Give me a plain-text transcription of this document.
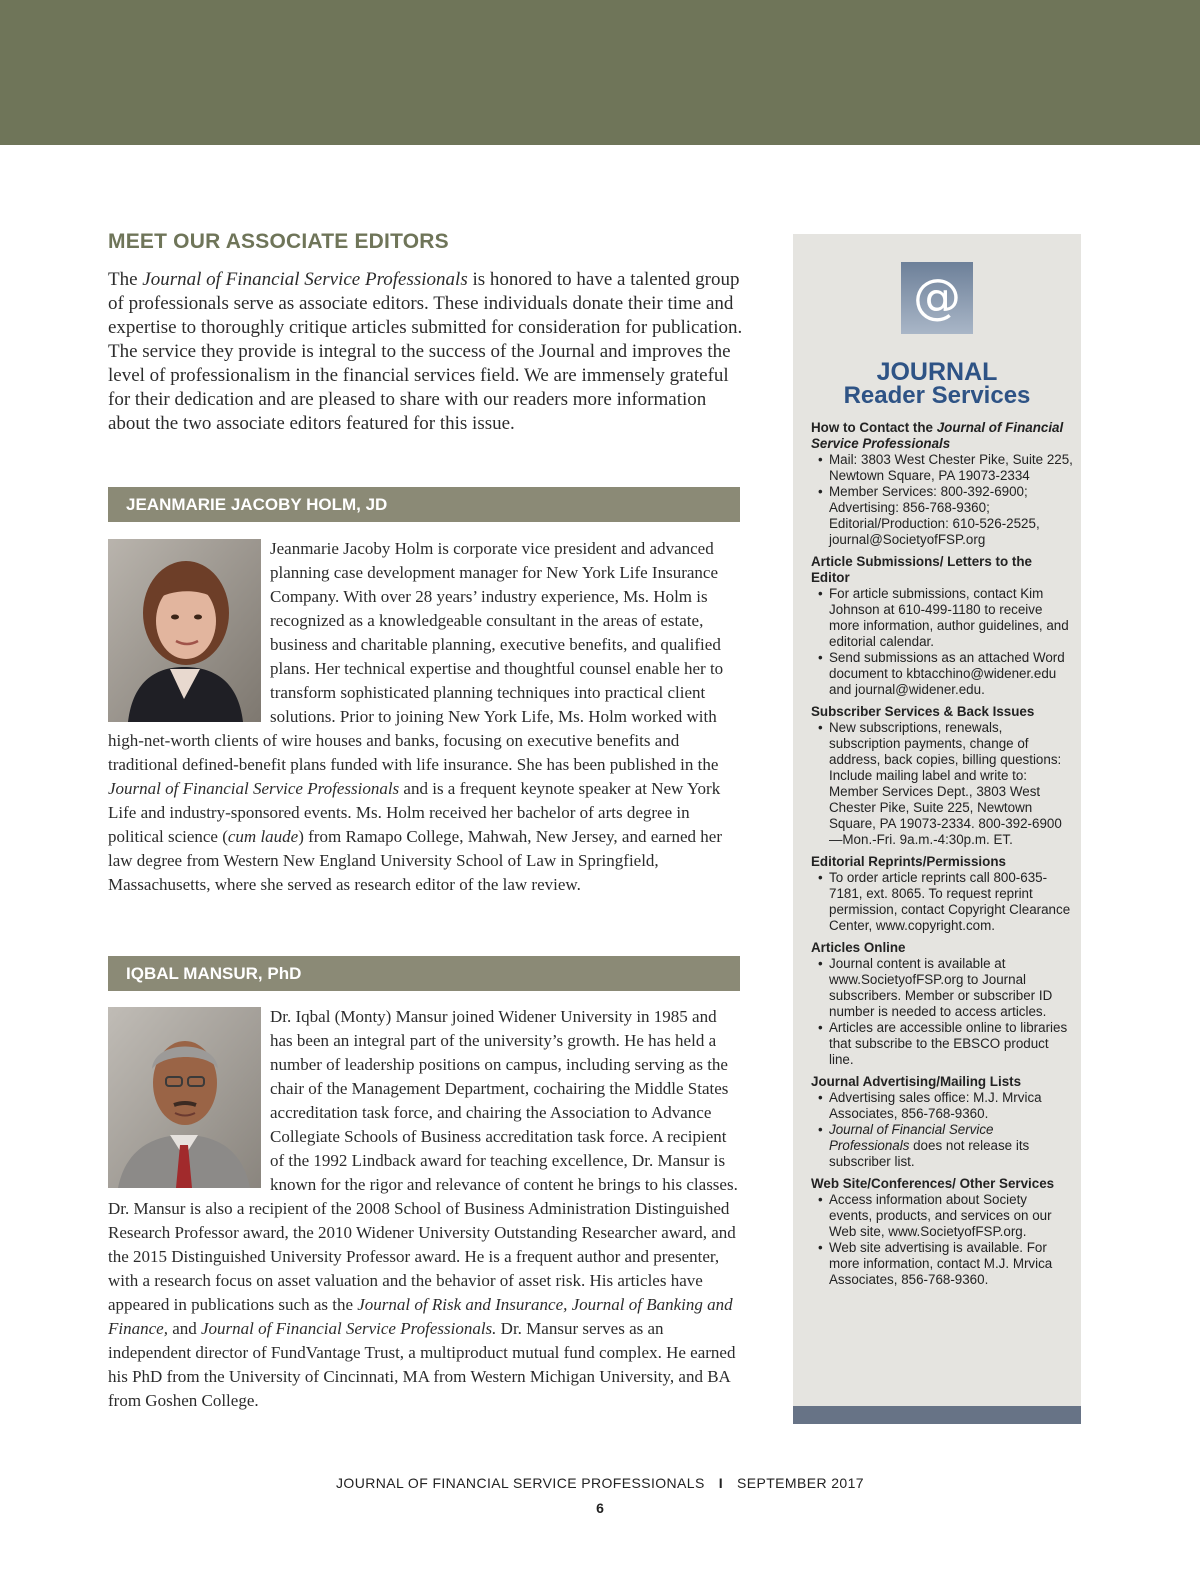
MEET OUR ASSOCIATE EDITORS
The Journal of Financial Service Professionals is honored to have a talented group of professionals serve as associate editors. These individuals donate their time and expertise to thoroughly critique articles submitted for consideration for publication. The service they provide is integral to the success of the Journal and improves the level of professionalism in the financial services field. We are immensely grateful for their dedication and are pleased to share with our readers more information about the two associate editors featured for this issue.
JEANMARIE JACOBY HOLM, JD
Jeanmarie Jacoby Holm is corporate vice president and advanced planning case development manager for New York Life Insurance Company. With over 28 years’ industry experience, Ms. Holm is recognized as a knowledgeable consultant in the areas of estate, business and charitable planning, executive benefits, and qualified plans. Her technical expertise and thoughtful counsel enable her to transform sophisticated planning techniques into practical client solutions. Prior to joining New York Life, Ms. Holm worked with high-net-worth clients of wire houses and banks, focusing on executive benefits and traditional defined-benefit plans funded with life insurance. She has been published in the Journal of Financial Service Professionals and is a frequent keynote speaker at New York Life and industry-sponsored events. Ms. Holm received her bachelor of arts degree in political science (cum laude) from Ramapo College, Mahwah, New Jersey, and earned her law degree from Western New England University School of Law in Springfield, Massachusetts, where she served as research editor of the law review.
IQBAL MANSUR, PhD
Dr. Iqbal (Monty) Mansur joined Widener University in 1985 and has been an integral part of the university’s growth. He has held a number of leadership positions on campus, including serving as the chair of the Management Department, cochairing the Middle States accreditation task force, and chairing the Association to Advance Collegiate Schools of Business accreditation task force. A recipient of the 1992 Lindback award for teaching excellence, Dr. Mansur is known for the rigor and relevance of content he brings to his classes. Dr. Mansur is also a recipient of the 2008 School of Business Administration Distinguished Research Professor award, the 2010 Widener University Outstanding Researcher award, and the 2015 Distinguished University Professor award. He is a frequent author and presenter, with a research focus on asset valuation and the behavior of asset risk. His articles have appeared in publications such as the Journal of Risk and Insurance, Journal of Banking and Finance, and Journal of Financial Service Professionals. Dr. Mansur serves as an independent director of FundVantage Trust, a multiproduct mutual fund complex. He earned his PhD from the University of Cincinnati, MA from Western Michigan University, and BA from Goshen College.
@
JOURNAL
Reader Services
How to Contact the Journal of Financial Service Professionals
• Mail: 3803 West Chester Pike, Suite 225, Newtown Square, PA 19073-2334
• Member Services: 800-392-6900; Advertising: 856-768-9360; Editorial/Production: 610-526-2525, journal@SocietyofFSP.org
Article Submissions/ Letters to the Editor
• For article submissions, contact Kim Johnson at 610-499-1180 to receive more information, author guidelines, and editorial calendar.
• Send submissions as an attached Word document to kbtacchino@widener.edu and journal@widener.edu.
Subscriber Services & Back Issues
• New subscriptions, renewals, subscription payments, change of address, back copies, billing questions: Include mailing label and write to: Member Services Dept., 3803 West Chester Pike, Suite 225, Newtown Square, PA 19073-2334. 800-392-6900—Mon.-Fri. 9a.m.-4:30p.m. ET.
Editorial Reprints/Permissions
• To order article reprints call 800-635-7181, ext. 8065. To request reprint permission, contact Copyright Clearance Center, www.copyright.com.
Articles Online
• Journal content is available at www.SocietyofFSP.org to Journal subscribers. Member or subscriber ID number is needed to access articles.
• Articles are accessible online to libraries that subscribe to the EBSCO product line.
Journal Advertising/Mailing Lists
• Advertising sales office: M.J. Mrvica Associates, 856-768-9360.
• Journal of Financial Service Professionals does not release its subscriber list.
Web Site/Conferences/ Other Services
• Access information about Society events, products, and services on our Web site, www.SocietyofFSP.org.
• Web site advertising is available. For more information, contact M.J. Mrvica Associates, 856-768-9360.
JOURNAL OF FINANCIAL SERVICE PROFESSIONALS I SEPTEMBER 2017
6
